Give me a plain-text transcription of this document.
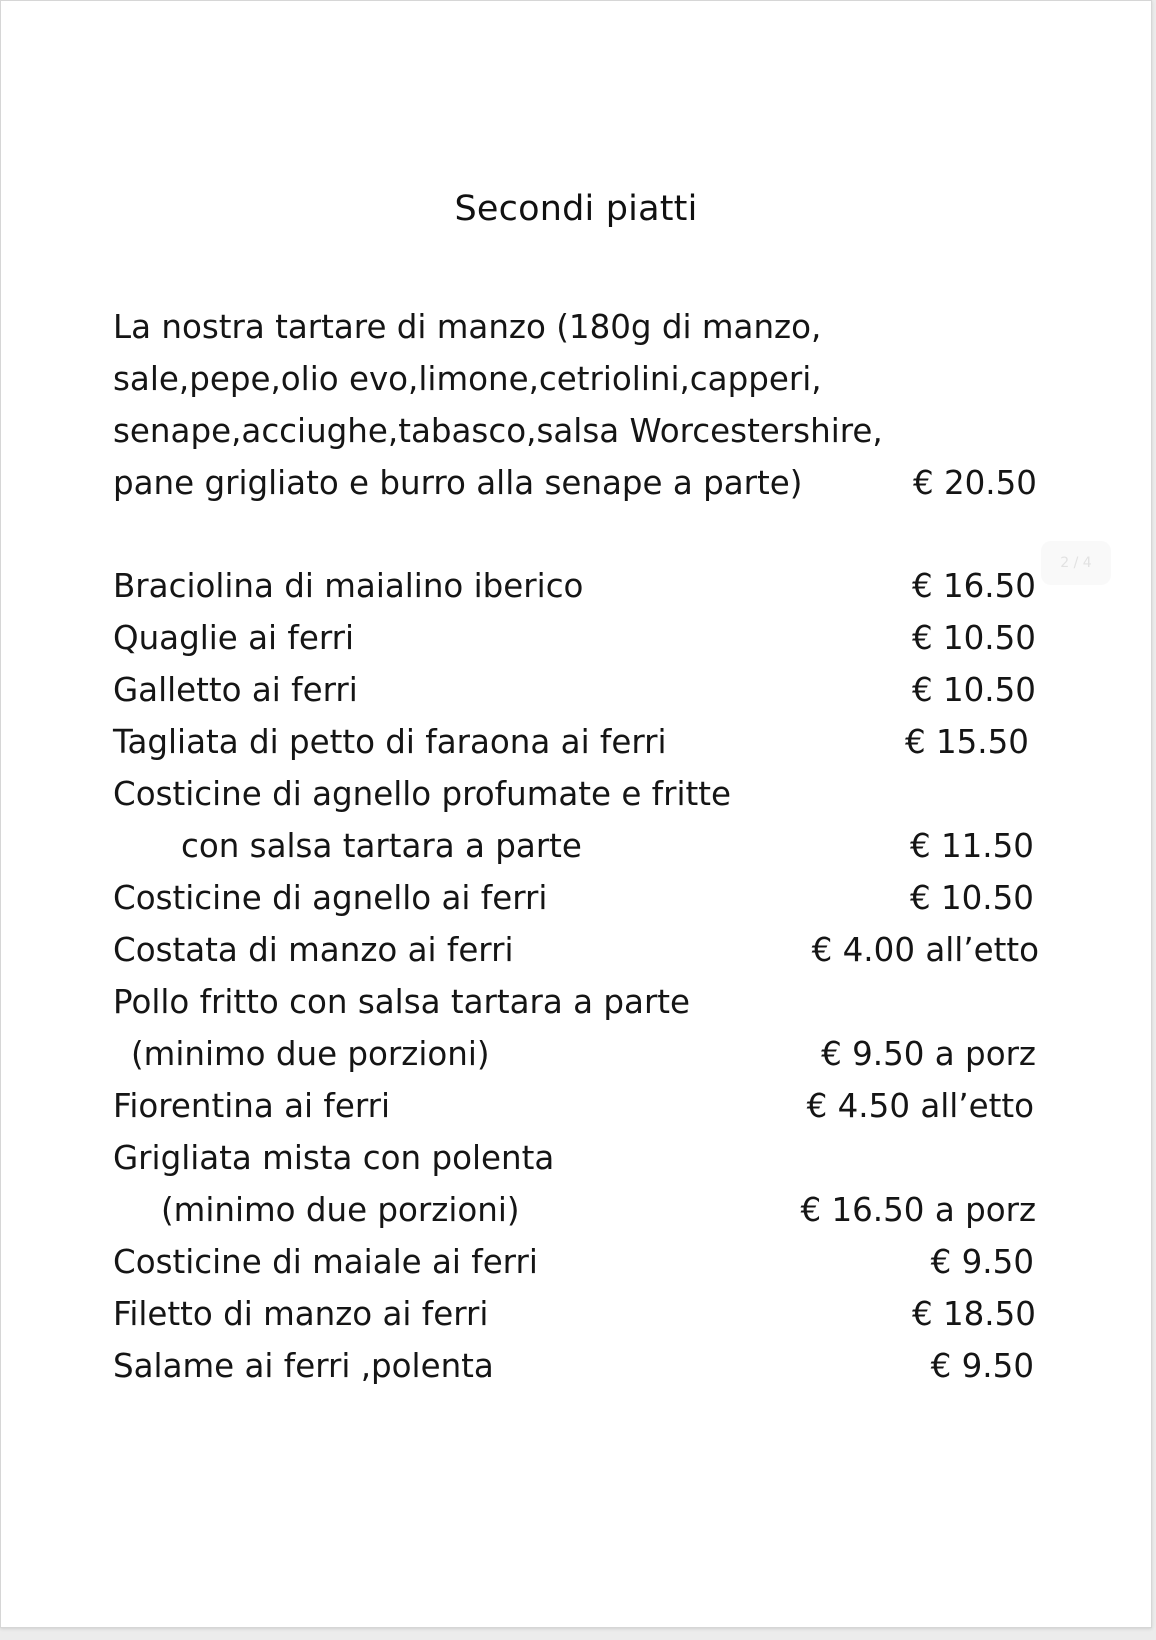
Secondi piatti
La nostra tartare di manzo (180g di manzo,
sale,pepe,olio evo,limone,cetriolini,capperi,
senape,acciughe,tabasco,salsa Worcestershire,
pane grigliato e burro alla senape a parte)	€ 20.50
Braciolina di maialino iberico	€ 16.50
Quaglie ai ferri	€ 10.50
Galletto ai ferri	€ 10.50
Tagliata di petto di faraona ai ferri	€ 15.50
Costicine di agnello profumate e fritte
con salsa tartara a parte	€ 11.50
Costicine di agnello ai ferri	€ 10.50
Costata di manzo ai ferri	€ 4.00 all’etto
Pollo fritto con salsa tartara a parte
(minimo due porzioni)	€ 9.50 a porz
Fiorentina ai ferri	€ 4.50 all’etto
Grigliata mista con polenta
(minimo due porzioni)	€ 16.50 a porz
Costicine di maiale ai ferri	€ 9.50
Filetto di manzo ai ferri	€ 18.50
Salame ai ferri ,polenta	€ 9.50
2 / 4
